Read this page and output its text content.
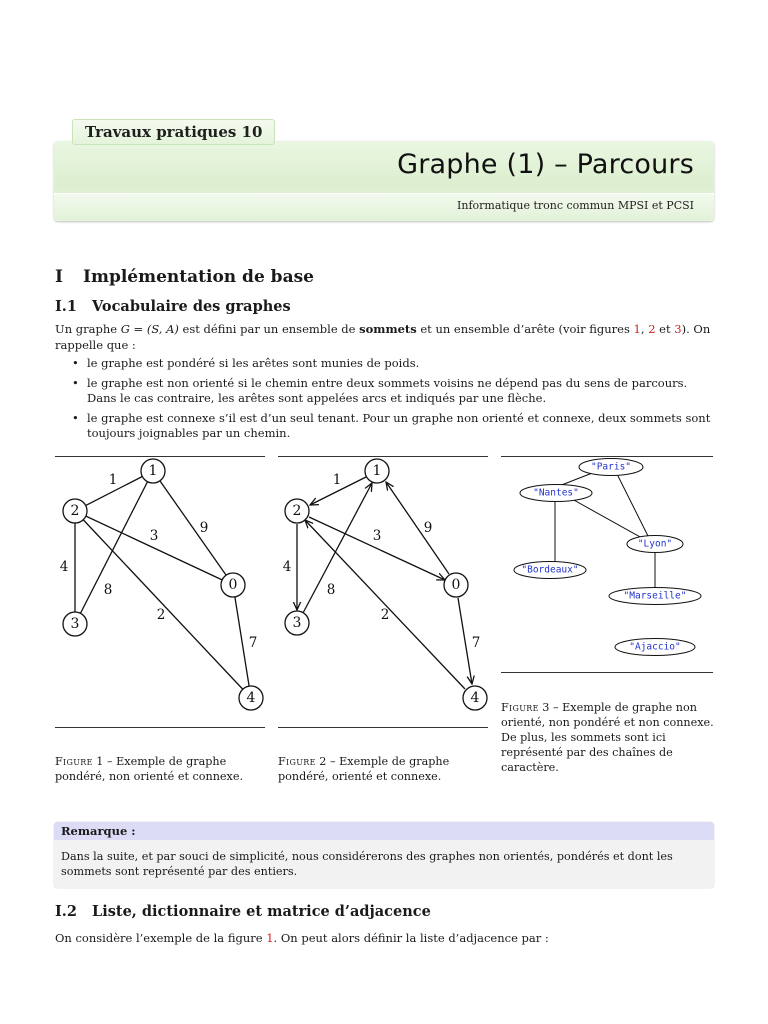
Graphe (1) – Parcours
Informatique tronc commun MPSI et PCSI
Travaux pratiques 10
I Implémentation de base
I.1 Vocabulaire des graphes
Un graphe G = (S, A) est défini par un ensemble de sommets et un ensemble d’arête (voir figures 1, 2 et 3). On rappelle que :
• le graphe est pondéré si les arêtes sont munies de poids.
• le graphe est non orienté si le chemin entre deux sommets voisins ne dépend pas du sens de parcours. Dans le cas contraire, les arêtes sont appelées arcs et indiqués par une flèche.
• le graphe est connexe s’il est d’un seul tenant. Pour un graphe non orienté et connexe, deux sommets sont toujours joignables par un chemin.
1
2
0
3
4
1
3	9
4
8
2
7
1
2
0
3
4
1
3	9
4
8
2
7
"Paris"
"Nantes"
"Lyon"
"Bordeaux"
"Marseille"
"Ajaccio"
Figure 1 – Exemple de graphe pondéré, non orienté et connexe.
Figure 2 – Exemple de graphe pondéré, orienté et connexe.
Figure 3 – Exemple de graphe non orienté, non pondéré et non connexe. De plus, les sommets sont ici représenté par des chaînes de caractère.
Remarque :
Dans la suite, et par souci de simplicité, nous considérerons des graphes non orientés, pondérés et dont les sommets sont représenté par des entiers.
I.2 Liste, dictionnaire et matrice d’adjacence
On considère l’exemple de la figure 1. On peut alors définir la liste d’adjacence par :
